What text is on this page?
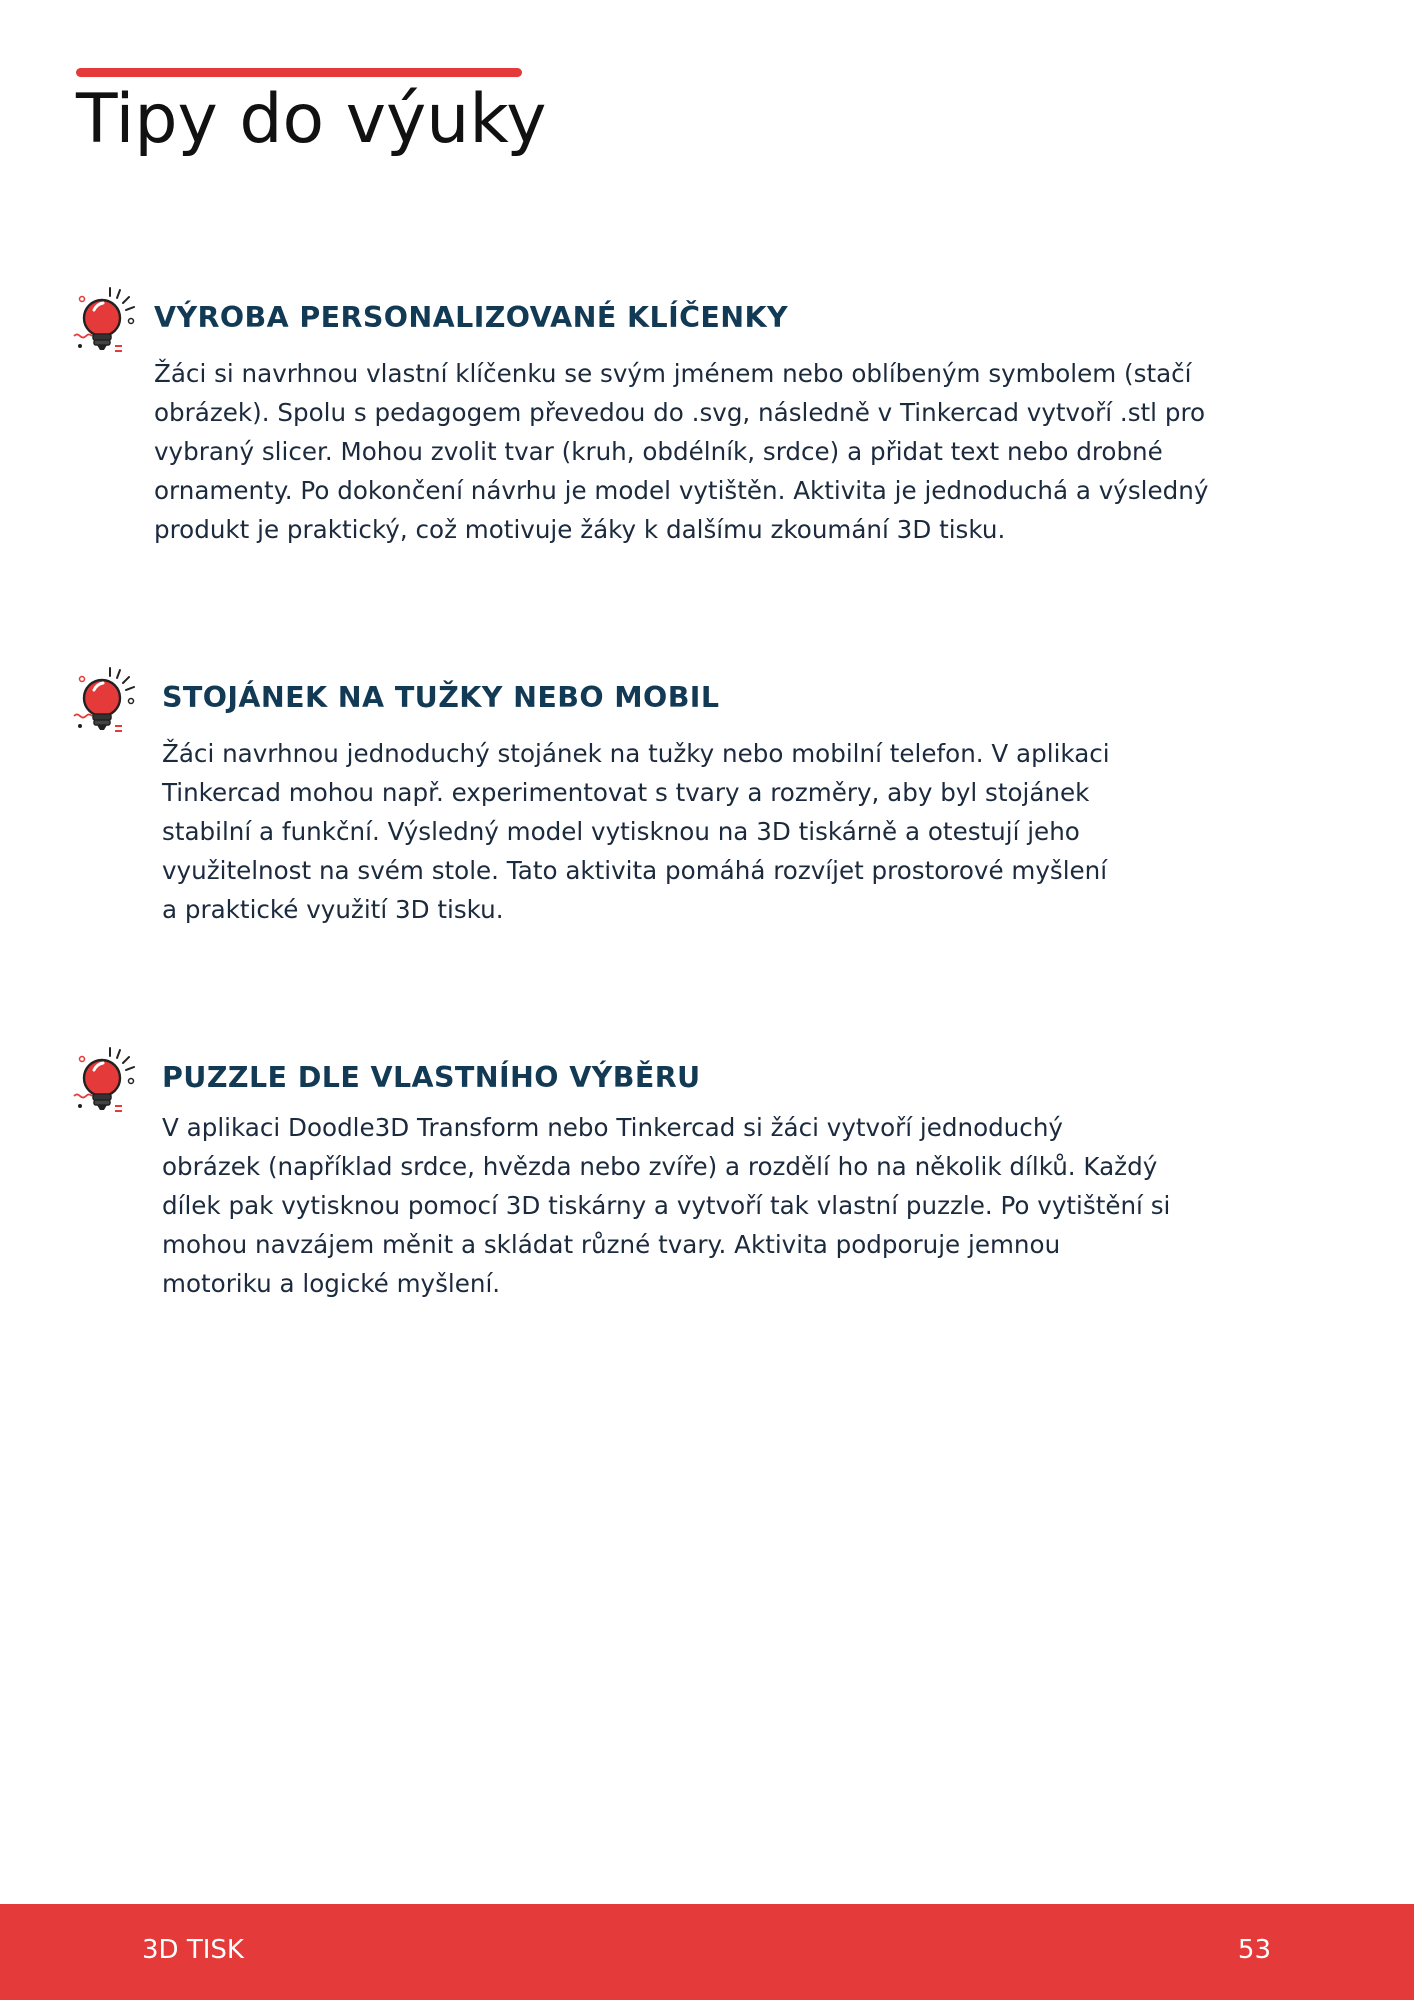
Tipy do výuky
VÝROBA PERSONALIZOVANÉ KLÍČENKY

Žáci si navrhnou vlastní klíčenku se svým jménem nebo oblíbeným symbolem (stačí
obrázek). Spolu s pedagogem převedou do .svg, následně v Tinkercad vytvoří .stl pro
vybraný slicer. Mohou zvolit tvar (kruh, obdélník, srdce) a přidat text nebo drobné
ornamenty. Po dokončení návrhu je model vytištěn. Aktivita je jednoduchá a výsledný
produkt je praktický, což motivuje žáky k dalšímu zkoumání 3D tisku.

STOJÁNEK NA TUŽKY NEBO MOBIL

Žáci navrhnou jednoduchý stojánek na tužky nebo mobilní telefon. V aplikaci
Tinkercad mohou např. experimentovat s tvary a rozměry, aby byl stojánek
stabilní a funkční. Výsledný model vytisknou na 3D tiskárně a otestují jeho
využitelnost na svém stole. Tato aktivita pomáhá rozvíjet prostorové myšlení
a praktické využití 3D tisku.

PUZZLE DLE VLASTNÍHO VÝBĚRU

V aplikaci Doodle3D Transform nebo Tinkercad si žáci vytvoří jednoduchý
obrázek (například srdce, hvězda nebo zvíře) a rozdělí ho na několik dílků. Každý
dílek pak vytisknou pomocí 3D tiskárny a vytvoří tak vlastní puzzle. Po vytištění si
mohou navzájem měnit a skládat různé tvary. Aktivita podporuje jemnou
motoriku a logické myšlení.

3D TISK	53
